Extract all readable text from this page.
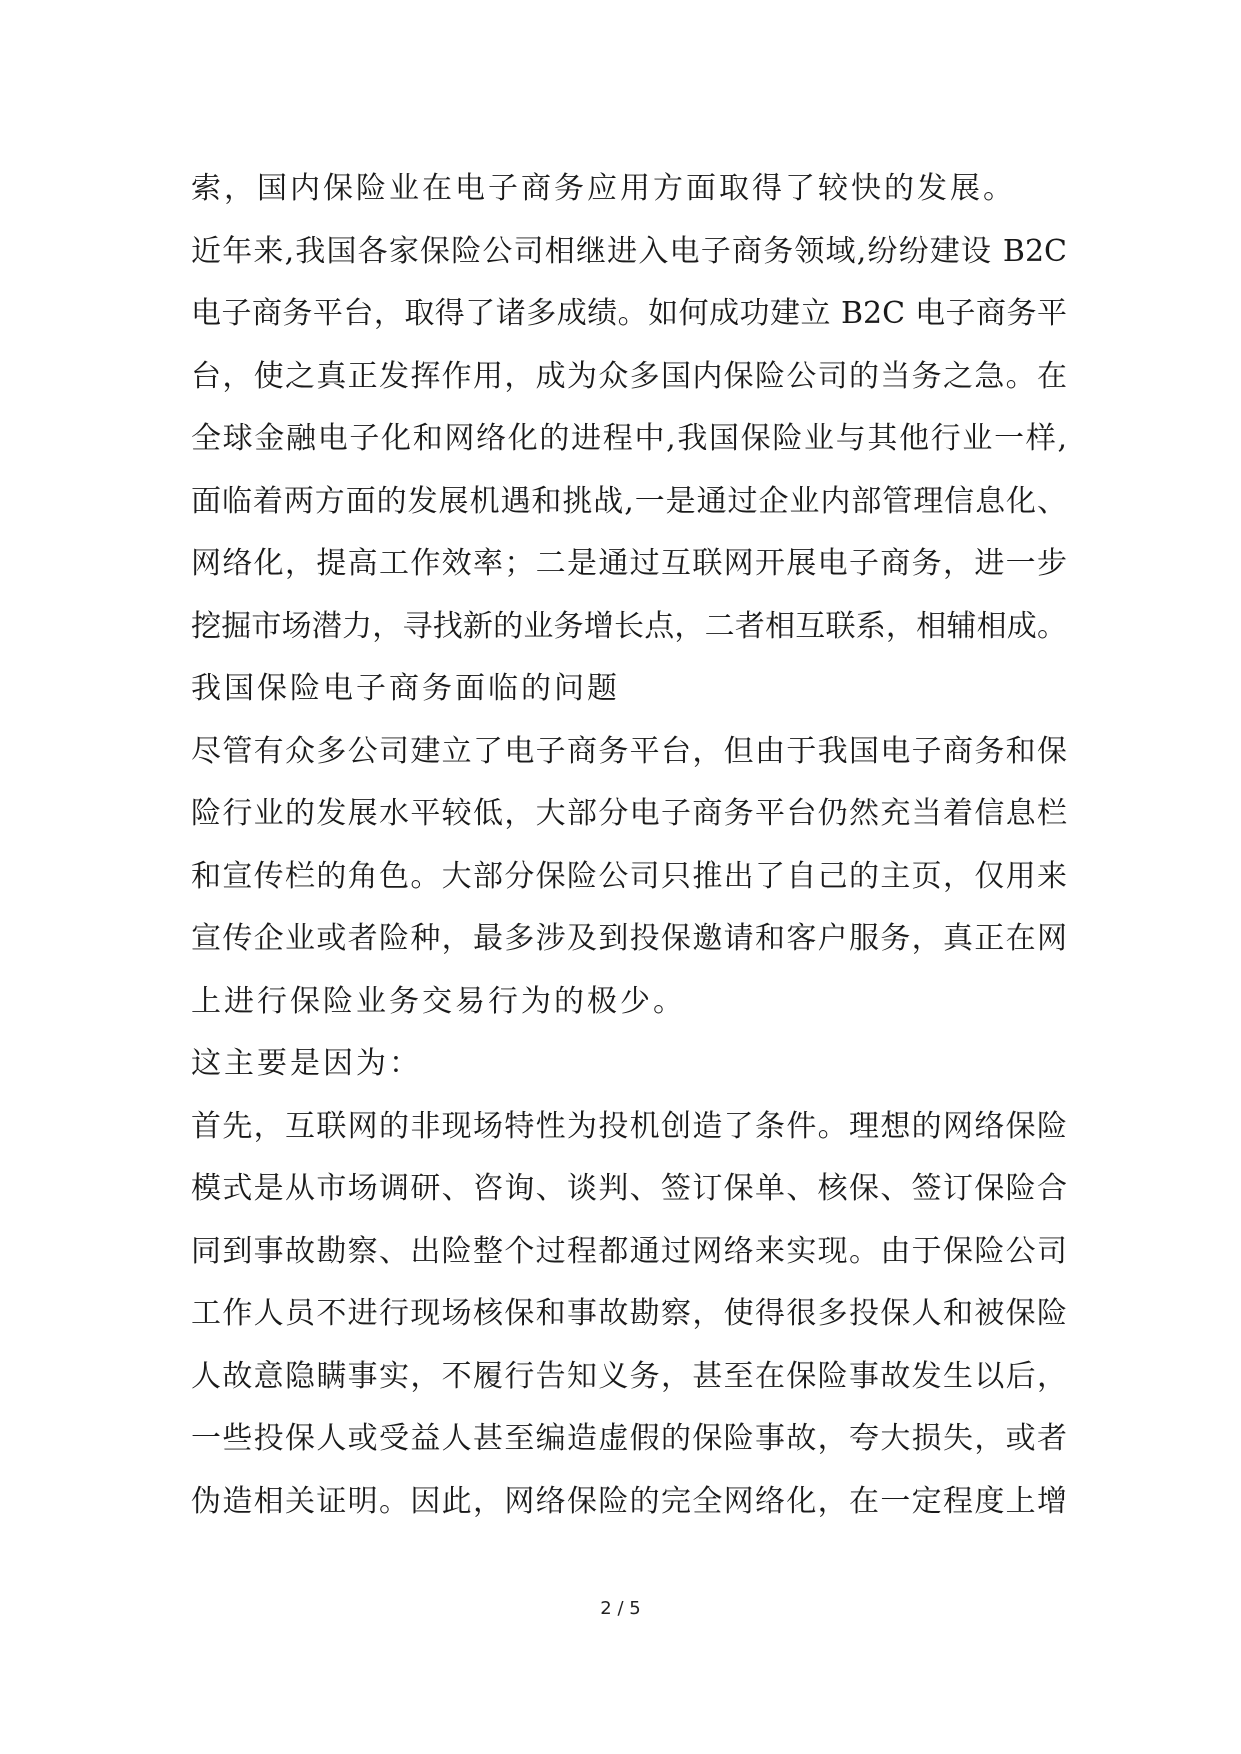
索，国内保险业在电子商务应用方面取得了较快的发展。
近年来,我国各家保险公司相继进入电子商务领域,纷纷建设 B2C
电子商务平台，取得了诸多成绩。如何成功建立 B2C 电子商务平
台，使之真正发挥作用，成为众多国内保险公司的当务之急。在
全球金融电子化和网络化的进程中,我国保险业与其他行业一样,
面临着两方面的发展机遇和挑战,一是通过企业内部管理信息化、
网络化，提高工作效率；二是通过互联网开展电子商务，进一步
挖掘市场潜力，寻找新的业务增长点，二者相互联系，相辅相成。
我国保险电子商务面临的问题
尽管有众多公司建立了电子商务平台，但由于我国电子商务和保
险行业的发展水平较低，大部分电子商务平台仍然充当着信息栏
和宣传栏的角色。大部分保险公司只推出了自己的主页，仅用来
宣传企业或者险种，最多涉及到投保邀请和客户服务，真正在网
上进行保险业务交易行为的极少。
这主要是因为：
首先，互联网的非现场特性为投机创造了条件。理想的网络保险
模式是从市场调研、咨询、谈判、签订保单、核保、签订保险合
同到事故勘察、出险整个过程都通过网络来实现。由于保险公司
工作人员不进行现场核保和事故勘察，使得很多投保人和被保险
人故意隐瞒事实，不履行告知义务，甚至在保险事故发生以后，
一些投保人或受益人甚至编造虚假的保险事故，夸大损失，或者
伪造相关证明。因此，网络保险的完全网络化，在一定程度上增
2 / 5
